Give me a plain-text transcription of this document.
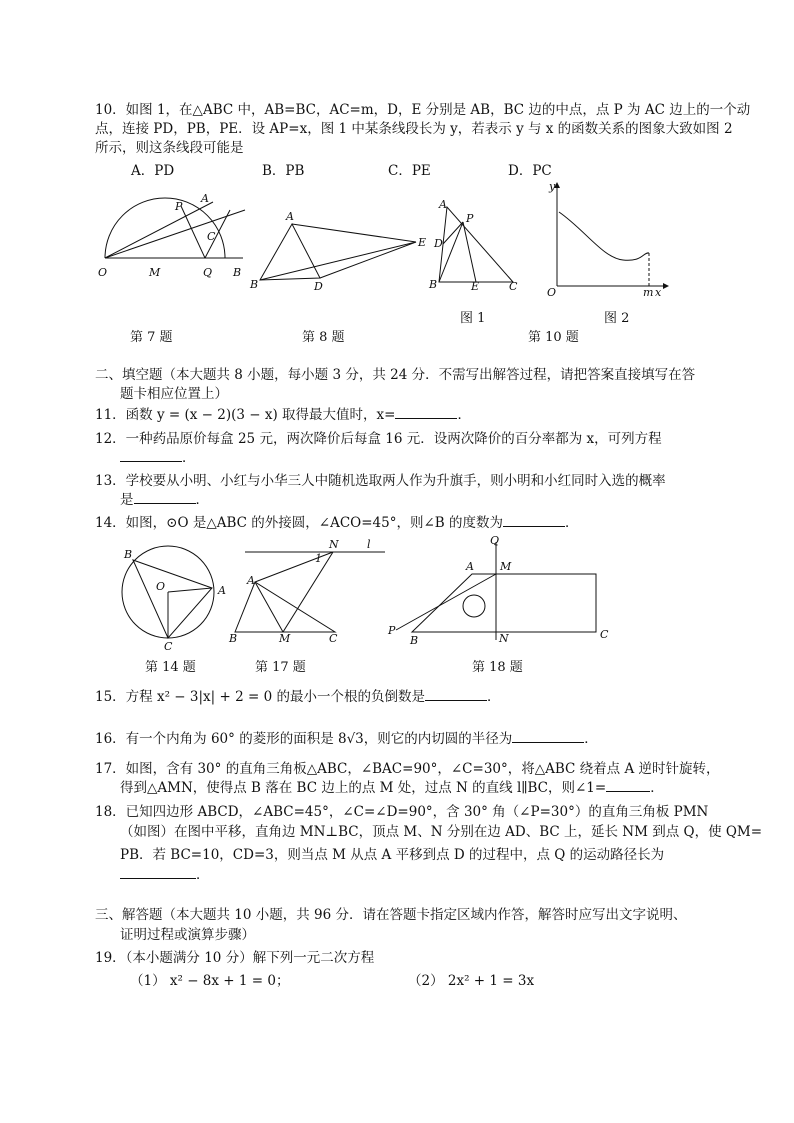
10．如图 1，在△ABC 中，AB=BC，AC=m，D，E 分别是 AB，BC 边的中点，点 P 为 AC 边上的一个动
点，连接 PD，PB，PE．设 AP=x，图 1 中某条线段长为 y，若表示 y 与 x 的函数关系的图象大致如图 2
所示，则这条线段可能是
A．PD	B．PB	C．PE	D．PC
O	M	Q B
A
P
C
A
E
B	D
A
P
D
B	E	C
y
O	m x
第 7 题	第 8 题
图 1	图 2
第 10 题
二、填空题（本大题共 8 小题，每小题 3 分，共 24 分．不需写出解答过程，请把答案直接填写在答
题卡相应位置上）
11．函数 y = (x − 2)(3 − x) 取得最大值时，x=	．
12．一种药品原价每盒 25 元，两次降价后每盒 16 元．设两次降价的百分率都为 x，可列方程
．
13．学校要从小明、小红与小华三人中随机选取两人作为升旗手，则小明和小红同时入选的概率
是	．
14．如图，⊙O 是△ABC 的外接圆，∠ACO=45°，则∠B 的度数为	．
B
O	A
C
N	l
1
A
B	M	C
Q
A M
P
B	N	C
第 14 题	第 17 题	第 18 题
15．方程 x² − 3|x| + 2 = 0 的最小一个根的负倒数是	．
16．有一个内角为 60° 的菱形的面积是 8√3，则它的内切圆的半径为	．
17．如图，含有 30° 的直角三角板△ABC，∠BAC=90°，∠C=30°，将△ABC 绕着点 A 逆时针旋转，
得到△AMN，使得点 B 落在 BC 边上的点 M 处，过点 N 的直线 l∥BC，则∠1=	．
18．已知四边形 ABCD，∠ABC=45°，∠C=∠D=90°，含 30° 角（∠P=30°）的直角三角板 PMN
（如图）在图中平移，直角边 MN⊥BC，顶点 M、N 分别在边 AD、BC 上，延长 NM 到点 Q，使 QM=
PB．若 BC=10，CD=3，则当点 M 从点 A 平移到点 D 的过程中，点 Q 的运动路径长为
．
三、解答题（本大题共 10 小题，共 96 分．请在答题卡指定区域内作答，解答时应写出文字说明、
证明过程或演算步骤）
19．（本小题满分 10 分）解下列一元二次方程
（1） x² − 8x + 1 = 0；	（2） 2x² + 1 = 3x
